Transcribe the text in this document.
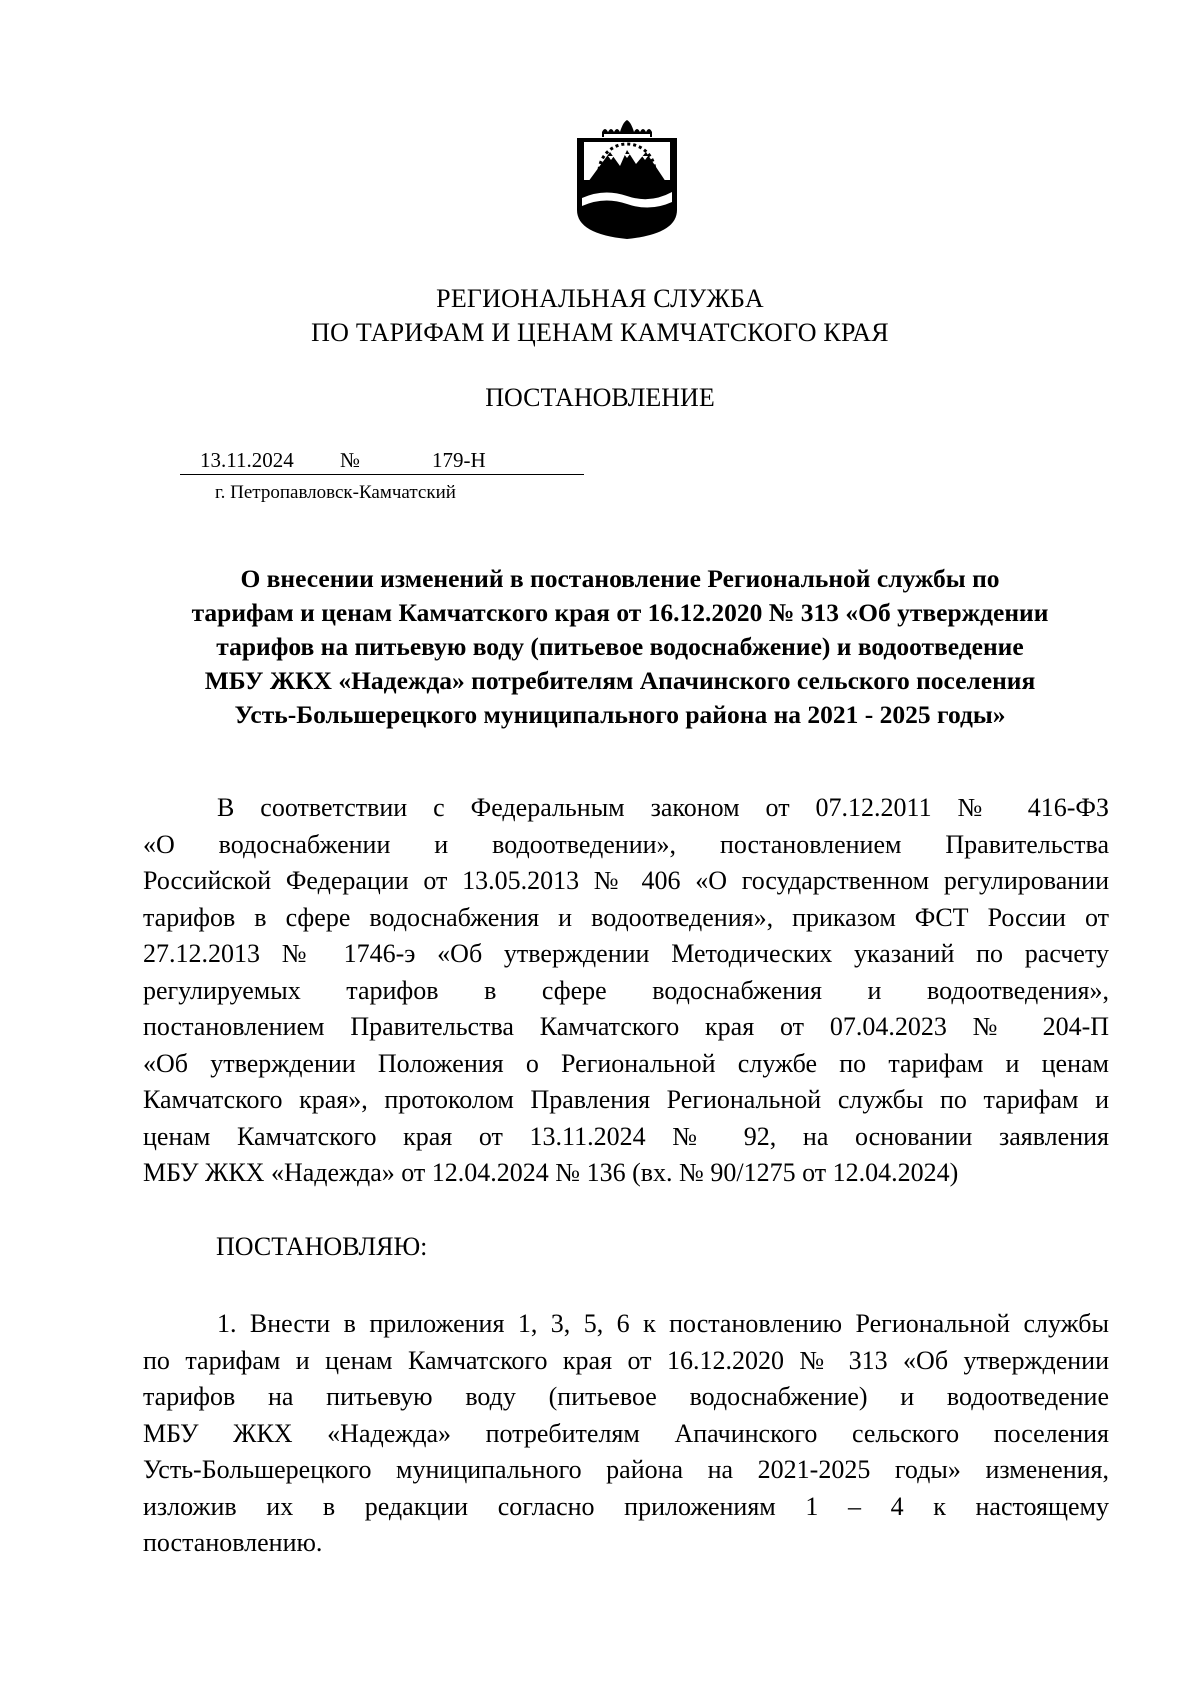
РЕГИОНАЛЬНАЯ СЛУЖБА
ПО ТАРИФАМ И ЦЕНАМ КАМЧАТСКОГО КРАЯ
ПОСТАНОВЛЕНИЕ
13.11.2024 №	179-Н
г. Петропавловск-Камчатский
О внесении изменений в постановление Региональной службы по
тарифам и ценам Камчатского края от 16.12.2020 № 313 «Об утверждении
тарифов на питьевую воду (питьевое водоснабжение) и водоотведение
МБУ ЖКХ «Надежда» потребителям Апачинского сельского поселения
Усть-Большерецкого муниципального района на 2021 - 2025 годы»
В соответствии с Федеральным законом от 07.12.2011 № 416-ФЗ
«О водоснабжении и водоотведении», постановлением Правительства
Российской Федерации от 13.05.2013 № 406 «О государственном регулировании
тарифов в сфере водоснабжения и водоотведения», приказом ФСТ России от
27.12.2013 № 1746-э «Об утверждении Методических указаний по расчету
регулируемых тарифов в сфере водоснабжения и водоотведения»,
постановлением Правительства Камчатского края от 07.04.2023 № 204-П
«Об утверждении Положения о Региональной службе по тарифам и ценам
Камчатского края», протоколом Правления Региональной службы по тарифам и
ценам Камчатского края от 13.11.2024 № 92, на основании заявления
МБУ ЖКХ «Надежда» от 12.04.2024 № 136 (вх. № 90/1275 от 12.04.2024)
ПОСТАНОВЛЯЮ:
1. Внести в приложения 1, 3, 5, 6 к постановлению Региональной службы
по тарифам и ценам Камчатского края от 16.12.2020 № 313 «Об утверждении
тарифов на питьевую воду (питьевое водоснабжение) и водоотведение
МБУ ЖКХ «Надежда» потребителям Апачинского сельского поселения
Усть-Большерецкого муниципального района на 2021-2025 годы» изменения,
изложив их в редакции согласно приложениям 1 – 4 к настоящему
постановлению.
